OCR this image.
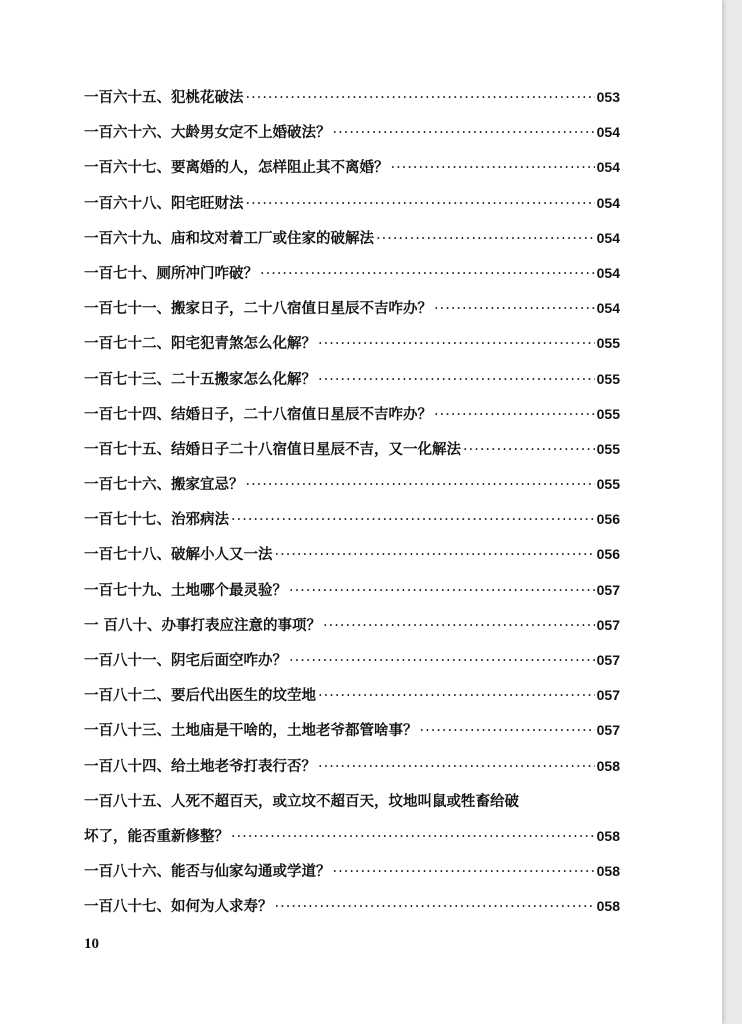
一百六十五、犯桃花破法 ·····	053
一百六十六、大龄男女定不上婚破法？ ·····	054
一百六十七、要离婚的人，怎样阻止其不离婚？ ·····	054
一百六十八、阳宅旺财法 ·····	054
一百六十九、庙和坟对着工厂或住家的破解法 ·····	054
一百七十、厕所冲门咋破？ ·····	054
一百七十一、搬家日子，二十八宿值日星辰不吉咋办？ ·····	054
一百七十二、阳宅犯青煞怎么化解？ ·····	055
一百七十三、二十五搬家怎么化解？ ·····	055
一百七十四、结婚日子，二十八宿值日星辰不吉咋办？ ·····	055
一百七十五、结婚日子二十八宿值日星辰不吉，又一化解法 ·····	055
一百七十六、搬家宜忌？ ·····	055
一百七十七、治邪病法 ·····	056
一百七十八、破解小人又一法 ·····	056
一百七十九、土地哪个最灵验？ ·····	057
一 百八十、办事打表应注意的事项？ ·····	057
一百八十一、阴宅后面空咋办？ ·····	057
一百八十二、要后代出医生的坟茔地 ·····	057
一百八十三、土地庙是干啥的，土地老爷都管啥事？ ·····	057
一百八十四、给土地老爷打表行否？ ·····	058
一百八十五、人死不超百天，或立坟不超百天，坟地叫鼠或牲畜给破
坏了，能否重新修整？ ·····	058
一百八十六、能否与仙家勾通或学道？ ·····	058
一百八十七、如何为人求寿？ ·····	058
10
